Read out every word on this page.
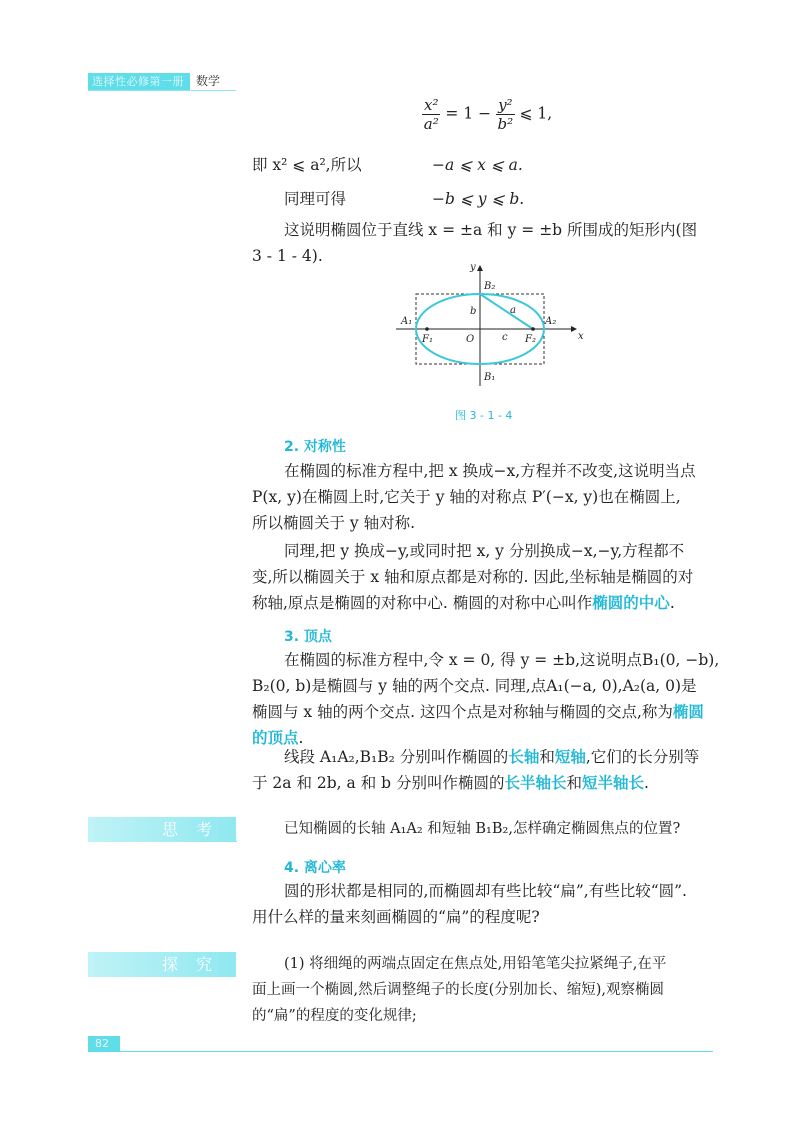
选择性必修第一册 数学
$\frac{\text{x²}}{\text{a²}} = 1 - \frac{\text{y²}}{\text{b²}}$ ⩽ 1,
即 x² ⩽ a²,所以	−a ⩽ x ⩽ a.
同理可得	−b ⩽ y ⩽ b.
这说明椭圆位于直线 x = ±a 和 y = ±b 所围成的矩形内(图
3 - 1 - 4).
y
x
B₂
B₁
A₁	A₂
F₁	F₂
O
a
b
c
图 3 - 1 - 4
2. 对称性
在椭圆的标准方程中,把 x 换成−x,方程并不改变,这说明当点
P(x, y)在椭圆上时,它关于 y 轴的对称点 P′(−x, y)也在椭圆上,
所以椭圆关于 y 轴对称.
同理,把 y 换成−y,或同时把 x, y 分别换成−x,−y,方程都不
变,所以椭圆关于 x 轴和原点都是对称的. 因此,坐标轴是椭圆的对
称轴,原点是椭圆的对称中心. 椭圆的对称中心叫作椭圆的中心.
3. 顶点
在椭圆的标准方程中,令 x = 0, 得 y = ±b,这说明点B₁(0, −b),
B₂(0, b)是椭圆与 y 轴的两个交点. 同理,点A₁(−a, 0),A₂(a, 0)是
椭圆与 x 轴的两个交点. 这四个点是对称轴与椭圆的交点,称为椭圆
的顶点.
线段 A₁A₂,B₁B₂ 分别叫作椭圆的长轴和短轴,它们的长分别等
于 2a 和 2b, a 和 b 分别叫作椭圆的长半轴长和短半轴长.
思考	已知椭圆的长轴 A₁A₂ 和短轴 B₁B₂,怎样确定椭圆焦点的位置?
4. 离心率
圆的形状都是相同的,而椭圆却有些比较“扁”,有些比较“圆”.
用什么样的量来刻画椭圆的“扁”的程度呢?
探究	(1) 将细绳的两端点固定在焦点处,用铅笔笔尖拉紧绳子,在平
面上画一个椭圆,然后调整绳子的长度(分别加长、缩短),观察椭圆
的“扁”的程度的变化规律;
82
